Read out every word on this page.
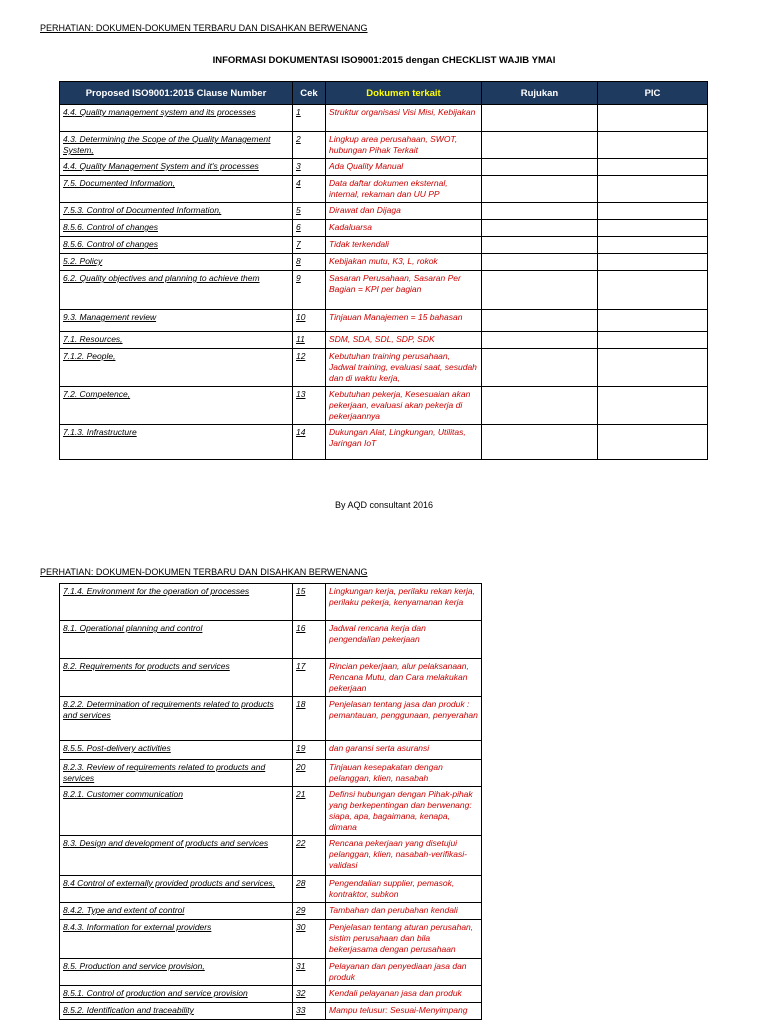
PERHATIAN: DOKUMEN-DOKUMEN TERBARU DAN DISAHKAN BERWENANG
INFORMASI DOKUMENTASI ISO9001:2015 dengan CHECKLIST WAJIB YMAI
Proposed ISO9001:2015 Clause Number	Cek	Dokumen terkait	Rujukan	PIC
4.4. Quality management system and its processes	1	Struktur organisasi Visi Misi, Kebijakan		
4.3. Determining the Scope of the Quality Management System,	2	Lingkup area perusahaan, SWOT, hubungan Pihak Terkait		
4.4. Quality Management System and it's processes	3	Ada Quality Manual		
7.5. Documented Information,	4	Data daftar dokumen eksternal, internal, rekaman dan UU PP		
7.5.3. Control of Documented Information,	5	Dirawat dan Dijaga		
8.5.6. Control of changes	6	Kadaluarsa		
8.5.6. Control of changes	7	Tidak terkendali		
5.2. Policy	8	Kebijakan mutu, K3, L, rokok		
6.2. Quality objectives and planning to achieve them	9	Sasaran Perusahaan, Sasaran Per Bagian = KPI per bagian		
9.3. Management review	10	Tinjauan Manajemen = 15 bahasan		
7.1. Resources,	11	SDM, SDA, SDL, SDP, SDK		
7.1.2. People,	12	Kebutuhan training perusahaan, Jadwal training, evaluasi saat, sesudah dan di waktu kerja,		
7.2. Competence,	13	Kebutuhan pekerja, Kesesuaian akan pekerjaan, evaluasi akan pekerja di pekerjaannya		
7.1.3. Infrastructure	14	Dukungan Alat, Lingkungan, Utilitas, Jaringan IoT		
By AQD consultant 2016
PERHATIAN: DOKUMEN-DOKUMEN TERBARU DAN DISAHKAN BERWENANG
7.1.4. Environment for the operation of processes	15	Lingkungan kerja, perilaku rekan kerja, perilaku pekerja, kenyamanan kerja
8.1. Operational planning and control	16	Jadwal rencana kerja dan pengendalian pekerjaan
8.2. Requirements for products and services	17	Rincian pekerjaan, alur pelaksanaan, Rencana Mutu, dan Cara melakukan pekerjaan
8.2.2. Determination of requirements related to products and services	18	Penjelasan tentang jasa dan produk : pemantauan, penggunaan, penyerahan
8.5.5. Post-delivery activities	19	dan garansi serta asuransi
8.2.3. Review of requirements related to products and services	20	Tinjauan kesepakatan dengan pelanggan, klien, nasabah
8.2.1. Customer communication	21	Definsi hubungan dengan Pihak-pihak yang berkepentingan dan berwenang: siapa, apa, bagaimana, kenapa, dimana
8.3. Design and development of products and services	22	Rencana pekerjaan yang disetujui pelanggan, klien, nasabah-verifikasi-validasi
8.4 Control of externally provided products and services,	28	Pengendalian supplier, pemasok, kontraktor, subkon
8.4.2. Type and extent of control	29	Tambahan dan perubahan kendali
8.4.3. Information for external providers	30	Penjelasan tentang aturan perusahan, sistim perusahaan dan bila bekerjasama dengan perusahaan
8.5. Production and service provision,	31	Pelayanan dan penyediaan jasa dan produk
8.5.1. Control of production and service provision	32	Kendali pelayanan jasa dan produk
8.5.2. Identification and traceability	33	Mampu telusur: Sesuai-Menyimpang
